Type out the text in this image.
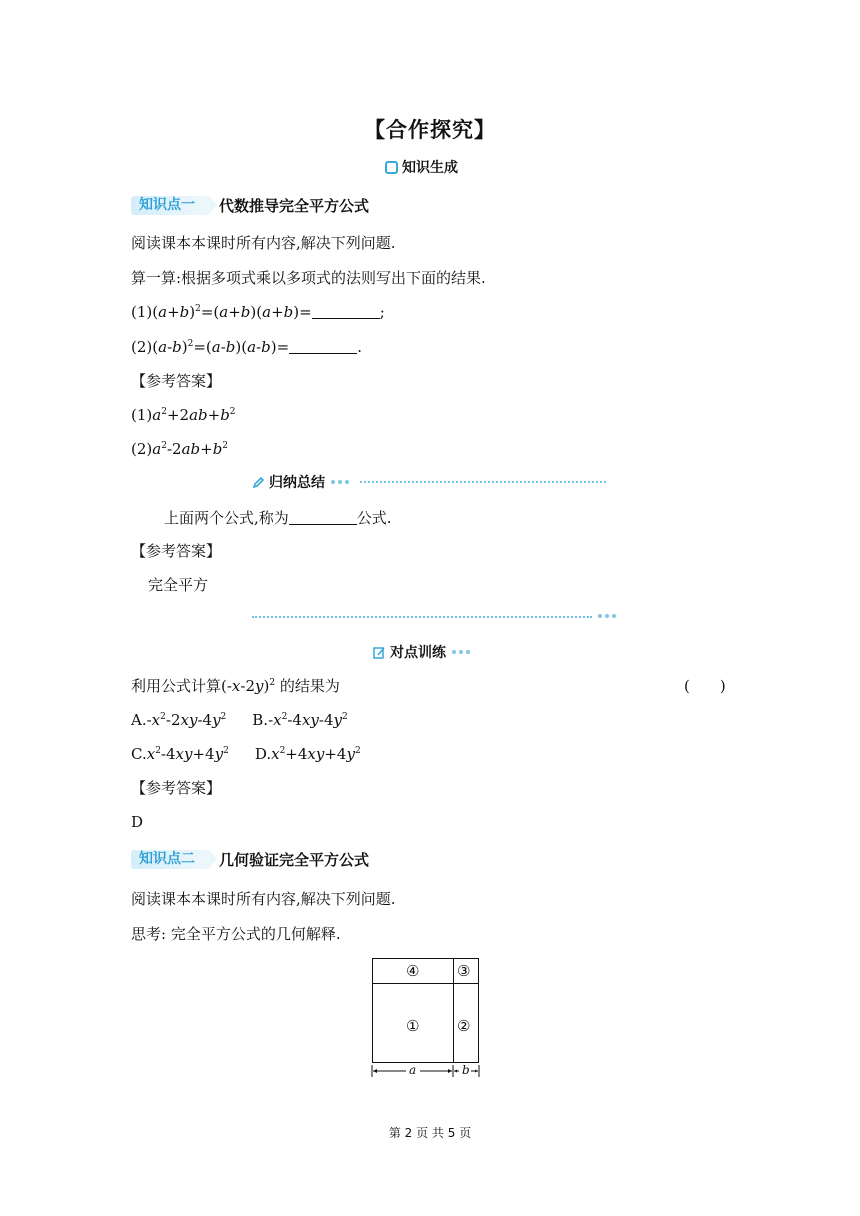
【合作探究】
知识生成
知识点一	代数推导完全平方公式
阅读课本本课时所有内容,解决下列问题.
算一算:根据多项式乘以多项式的法则写出下面的结果.
$(1)(a+b)^2=(a+b)(a+b)=$	;
$(2)(a-b)^2=(a-b)(a-b)=$	.
【参考答案】
$(1)a^2+2ab+b^2$
$(2)a^2-2ab+b^2$
归纳总结
上面两个公式,称为	公式.
【参考答案】
完全平方
对点训练
利用公式计算$(-x-2y)^2$ 的结果为	(　　)
$A.-x^2-2xy-4y^2$ $B.-x^2-4xy-4y^2$
$C.x^2-4xy+4y^2$ $D.x^2+4xy+4y^2$
【参考答案】
D
知识点二	几何验证完全平方公式
阅读课本本课时所有内容,解决下列问题.
思考: 完全平方公式的几何解释.
④	③
①	②
a	b
第 2 页 共 5 页
